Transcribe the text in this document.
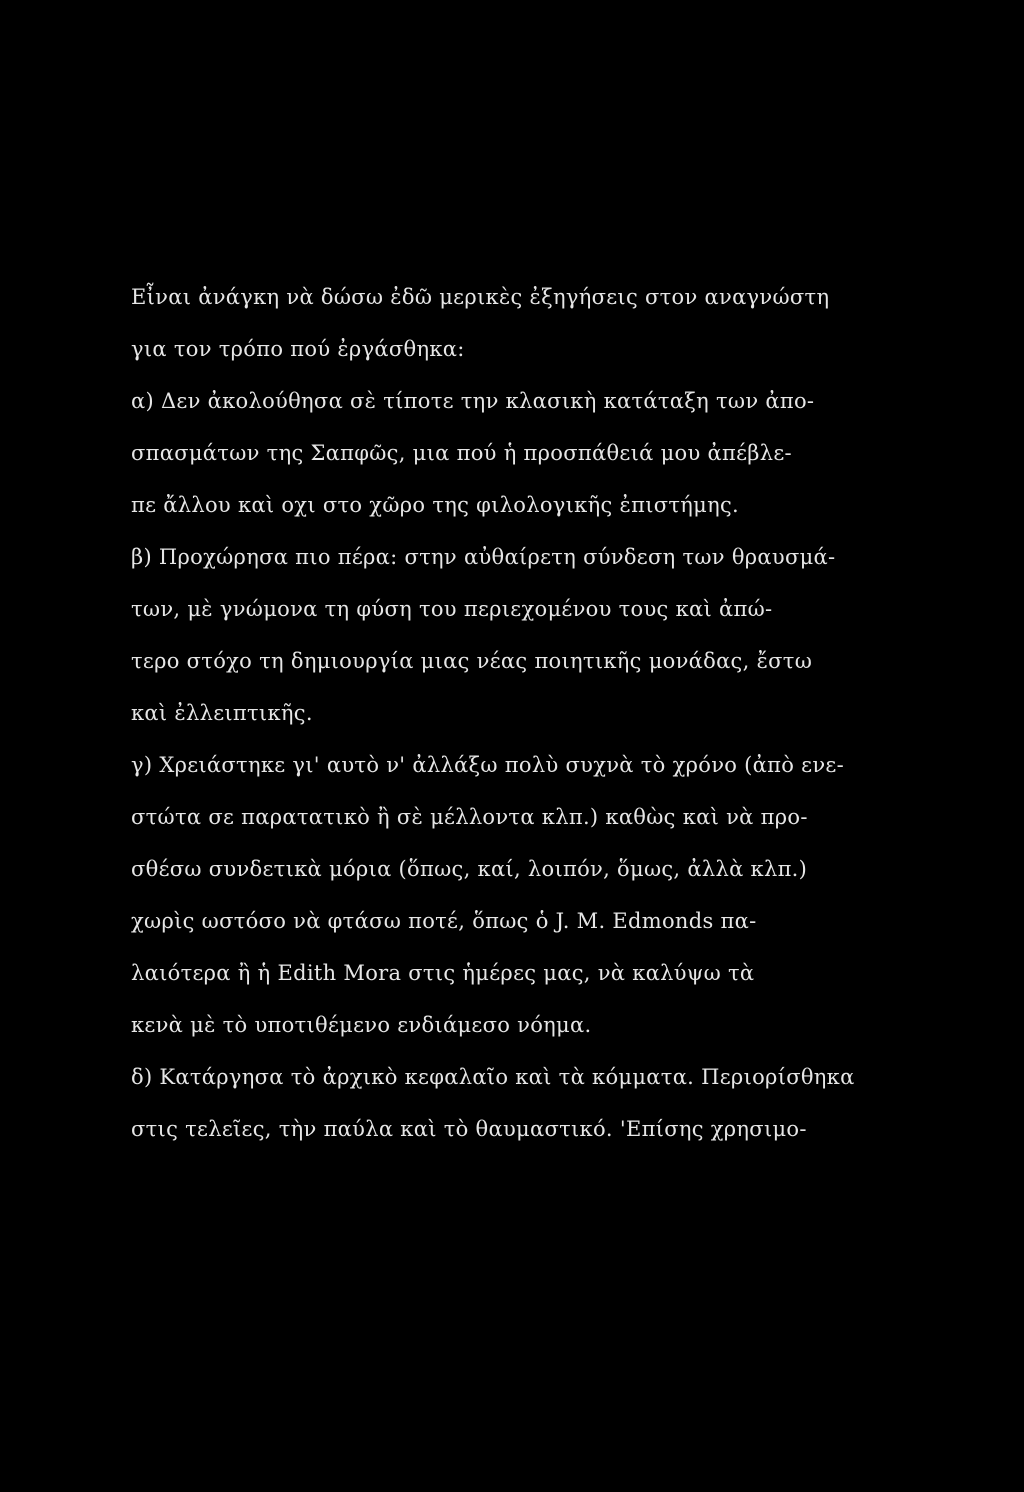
Εἶναι ἀνάγκη νὰ δώσω ἐδῶ μερικὲς ἐξηγήσεις στον αναγνώστη
για τον τρόπο πού ἐργάσθηκα:
α) Δεν ἀκολούθησα σὲ τίποτε την κλασικὴ κατάταξη των ἀπο-
σπασμάτων της Σαπφῶς, μια πού ἡ προσπάθειά μου ἀπέβλε-
πε ἄλλου καὶ οχι στο χῶρο της φιλολογικῆς ἐπιστήμης.
β) Προχώρησα πιο πέρα: στην αὐθαίρετη σύνδεση των θραυσμά-
των, μὲ γνώμονα τη φύση του περιεχομένου τους καὶ ἀπώ-
τερο στόχο τη δημιουργία μιας νέας ποιητικῆς μονάδας, ἔστω
καὶ ἐλλειπτικῆς.
γ) Χρειάστηκε γι' αυτὸ ν' ἀλλάξω πολὺ συχνὰ τὸ χρόνο (ἀπὸ ενε-
στώτα σε παρατατικὸ ἢ σὲ μέλλοντα κλπ.) καθὼς καὶ νὰ προ-
σθέσω συνδετικὰ μόρια (ὅπως, καί, λοιπόν, ὅμως, ἀλλὰ κλπ.)
χωρὶς ωστόσο νὰ φτάσω ποτέ, ὅπως ὁ J. M. Edmonds πα-
λαιότερα ἢ ἡ Edith Mora στις ἡμέρες μας, νὰ καλύψω τὰ
κενὰ μὲ τὸ υποτιθέμενο ενδιάμεσο νόημα.
δ) Κατάργησα τὸ ἀρχικὸ κεφαλαῖο καὶ τὰ κόμματα. Περιορίσθηκα
στις τελεῖες, τὴν παύλα καὶ τὸ θαυμαστικό. 'Επίσης χρησιμο-
